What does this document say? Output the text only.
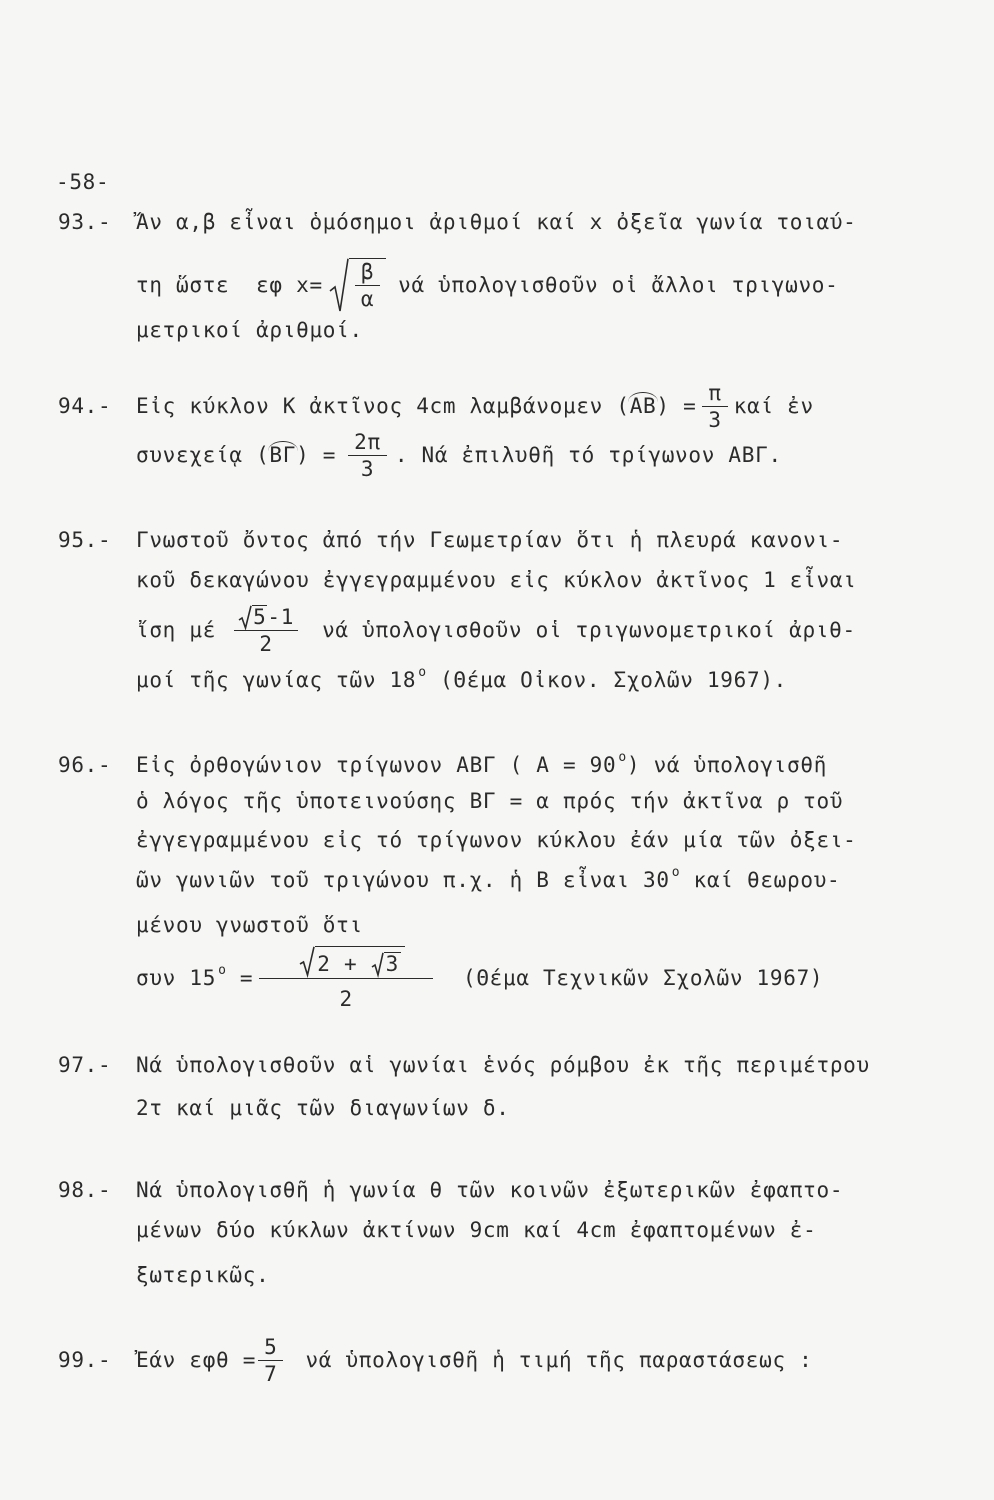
-58-
93.- Ἄν α,β εἶναι ὁμόσημοι ἀριθμοί καί x ὀξεῖα γωνία τοιαύ-
τη ὥστε  εφ $x= \frac{\beta}{\alpha}$ νά ὑπολογισθοῦν οἱ ἄλλοι τριγωνο-
μετρικοί ἀριθμοί.
94.- Εἰς κύκλον Κ ἀκτῖνος 4cm λαμβάνομεν $(AB) = \frac{\pi}{3}$ καί ἐν
συνεχείᾳ $(B\Gamma) = \frac{2\pi}{3}$ . Νά ἐπιλυθῆ τό τρίγωνον ΑΒΓ.
95.- Γνωστοῦ ὄντος ἀπό τήν Γεωμετρίαν ὅτι ἡ πλευρά κανονι-
κοῦ δεκαγώνου ἐγγεγραμμένου εἰς κύκλον ἀκτῖνος 1 εἶναι
ἴση μέ $\frac{5 -1}{2}$ νά ὑπολογισθοῦν οἱ τριγωνομετρικοί ἀριθ-
μοί τῆς γωνίας τῶν 18 o (Θέμα Οἰκον. Σχολῶν 1967).
96.- Εἰς ὀρθογώνιον τρίγωνον ΑΒΓ ( Α = 90 o ) νά ὑπολογισθῆ
ὁ λόγος τῆς ὑποτεινούσης ΒΓ = α πρός τήν ἀκτῖνα ρ τοῦ
ἐγγεγραμμένου εἰς τό τρίγωνον κύκλου ἐάν μία τῶν ὀξει-
ῶν γωνιῶν τοῦ τριγώνου π.χ. ἡ Β εἶναι 30 o καί θεωρου-
μένου γνωστοῦ ὅτι
συν 15 $o = \frac{2 + 3}{2} (\Theta έ\mu\alpha$ Τεχνικῶν Σχολῶν 1967)
97.- Νά ὑπολογισθοῦν αἱ γωνίαι ἑνός ρόμβου ἐκ τῆς περιμέτρου
2τ καί μιᾶς τῶν διαγωνίων δ.
98.- Νά ὑπολογισθῆ ἡ γωνία θ τῶν κοινῶν ἐξωτερικῶν ἐφαπτο-
μένων δύο κύκλων ἀκτίνων 9cm καί 4cm ἐφαπτομένων ἐ-
ξωτερικῶς.
99.- Ἐάν $\varepsilon\varphi\theta = \frac{5}{7}$ νά ὑπολογισθῆ ἡ τιμή τῆς παραστάσεως :
